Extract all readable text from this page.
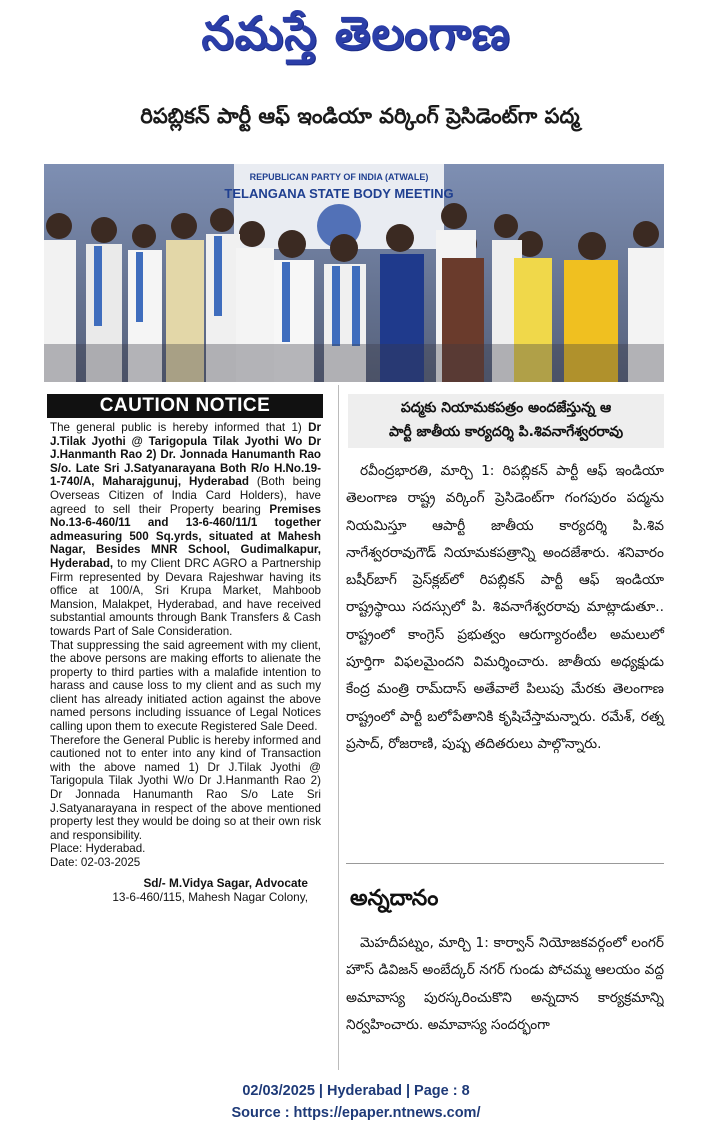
నమస్తే తెలంగాణ
రిపబ్లికన్ పార్టీ ఆఫ్ ఇండియా వర్కింగ్ ప్రెసిడెంట్‌గా పద్మ
REPUBLICAN PARTY OF INDIA (ATWALE)
TELANGANA STATE BODY MEETING
CAUTION NOTICE

The general public is hereby informed that 1) Dr J.Tilak Jyothi @ Tarigopula Tilak Jyothi Wo Dr J.Hanmanth Rao 2) Dr. Jonnada Hanumanth Rao S/o. Late Sri J.Satyanarayana Both R/o H.No.19-1-740/A, Maharajgunuj, Hyderabad (Both being Overseas Citizen of India Card Holders), have agreed to sell their Property bearing Premises No.13-6-460/11 and 13-6-460/11/1 together admeasuring 500 Sq.yrds, situated at Mahesh Nagar, Besides MNR School, Gudimalkapur, Hyderabad, to my Client DRC AGRO a Partnership Firm represented by Devara Rajeshwar having its office at 100/A, Sri Krupa Market, Mahboob Mansion, Malakpet, Hyderabad, and have received substantial amounts through Bank Transfers & Cash towards Part of Sale Consideration.

That suppressing the said agreement with my client, the above persons are making efforts to alienate the property to third parties with a malafide intention to harass and cause loss to my client and as such my client has already initiated action against the above named persons including issuance of Legal Notices calling upon them to execute Registered Sale Deed.

Therefore the General Public is hereby informed and cautioned not to enter into any kind of Transaction with the above named 1) Dr J.Tilak Jyothi @ Tarigopula Tilak Jyothi W/o Dr J.Hanmanth Rao 2) Dr Jonnada Hanumanth Rao S/o Late Sri J.Satyanarayana in respect of the above mentioned property lest they would be doing so at their own risk and responsibility.

Place: Hyderabad.

Date: 02-03-2025

Sd/- M.Vidya Sagar, Advocate
13-6-460/115, Mahesh Nagar Colony,
పద్మకు నియామకపత్రం అందజేస్తున్న ఆ
పార్టీ జాతీయ కార్యదర్శి పి.శివనాగేశ్వరరావు

రవీంద్రభారతి, మార్చి 1: రిపబ్లికన్ పార్టీ ఆఫ్ ఇండియా తెలంగాణ రాష్ట్ర వర్కింగ్ ప్రెసిడెంట్‌గా గంగపురం పద్మను నియమిస్తూ ఆపార్టీ జాతీయ కార్యదర్శి పి.శివ నాగేశ్వరరావుగౌడ్ నియామకపత్రాన్ని అందజేశారు. శనివారం బషీర్‌బాగ్ ప్రెస్‌క్లబ్‌లో రిపబ్లికన్ పార్టీ ఆఫ్ ఇండియా రాష్ట్రస్థాయి సదస్సులో పి. శివనాగేశ్వరరావు మాట్లాడుతూ.. రాష్ట్రంలో కాంగ్రెస్ ప్రభుత్వం ఆరుగ్యారంటీల అమలులో పూర్తిగా విఫలమైందని విమర్శించారు. జాతీయ అధ్యక్షుడు కేంద్ర మంత్రి రామ్‌దాస్ అతేవాలే పిలుపు మేరకు తెలంగాణ రాష్ట్రంలో పార్టీ బలోపేతానికి కృషిచేస్తామన్నారు. రమేశ్, రత్న ప్రసాద్, రోజరాణి, పుష్ప తదితరులు పాల్గొన్నారు.

అన్నదానం

మెహదీపట్నం, మార్చి 1: కార్వాన్ నియోజకవర్గంలో లంగర్ హౌస్ డివిజన్ అంబేద్కర్ నగర్ గుండు పోచమ్మ ఆలయం వద్ద అమావాస్య పురస్కరించుకొని అన్నదాన కార్యక్రమాన్ని నిర్వహించారు. అమావాస్య సందర్భంగా

02/03/2025 | Hyderabad | Page : 8
Source : https://epaper.ntnews.com/
